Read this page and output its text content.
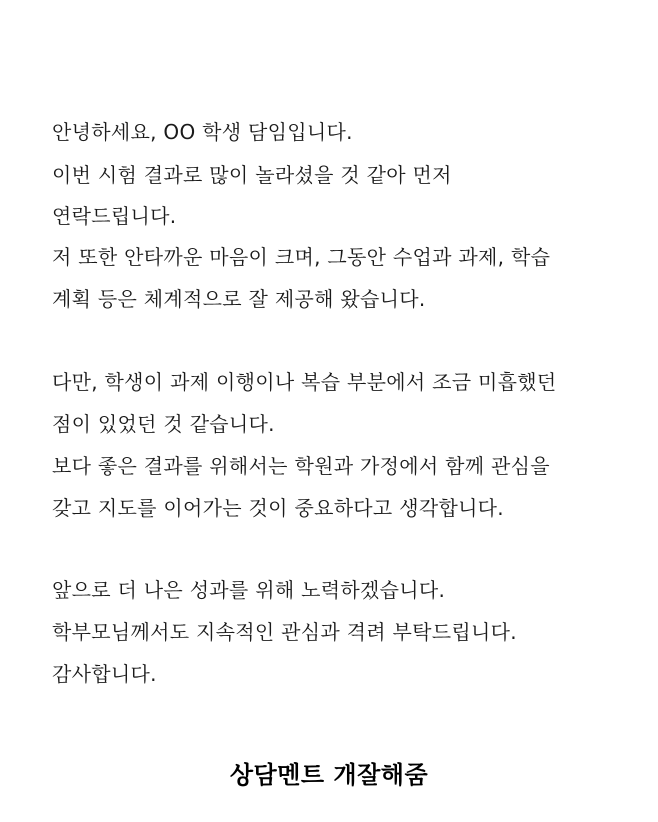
안녕하세요, OO 학생 담임입니다.
이번 시험 결과로 많이 놀라셨을 것 같아 먼저
연락드립니다.
저 또한 안타까운 마음이 크며, 그동안 수업과 과제, 학습
계획 등은 체계적으로 잘 제공해 왔습니다.
다만, 학생이 과제 이행이나 복습 부분에서 조금 미흡했던
점이 있었던 것 같습니다.
보다 좋은 결과를 위해서는 학원과 가정에서 함께 관심을
갖고 지도를 이어가는 것이 중요하다고 생각합니다.
앞으로 더 나은 성과를 위해 노력하겠습니다.
학부모님께서도 지속적인 관심과 격려 부탁드립니다.
감사합니다.
상담멘트 개잘해줌
